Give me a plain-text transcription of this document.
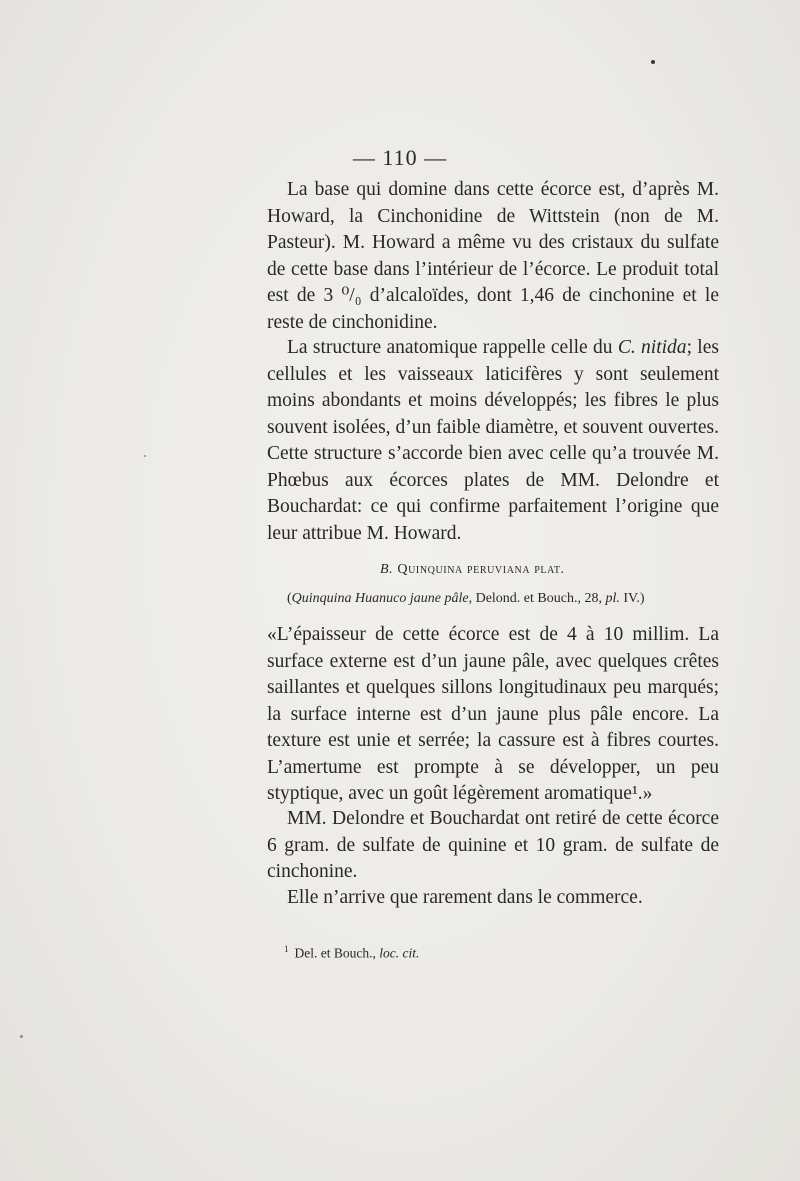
— 110 —
La base qui domine dans cette écorce est, d’après M. Howard, la Cinchonidine de Wittstein (non de M. Pasteur). M. Howard a même vu des cristaux du sulfate de cette base dans l’intérieur de l’écorce. Le produit total est de 3 ⁰/₀ d’alcaloïdes, dont 1,46 de cinchonine et le reste de cinchonidine.
La structure anatomique rappelle celle du C. nitida; les cellules et les vaisseaux laticifères y sont seulement moins abondants et moins développés; les fibres le plus souvent isolées, d’un faible diamètre, et souvent ouvertes. Cette structure s’accorde bien avec celle qu’a trouvée M. Phœbus aux écorces plates de MM. Delondre et Bouchardat: ce qui confirme parfaitement l’origine que leur attribue M. Howard.
B. Quinquina peruviana plat.
(Quinquina Huanuco jaune pâle, Delond. et Bouch., 28, pl. IV.)
«L’épaisseur de cette écorce est de 4 à 10 millim. La surface externe est d’un jaune pâle, avec quelques crêtes saillantes et quelques sillons longitudinaux peu marqués; la surface interne est d’un jaune plus pâle encore. La texture est unie et serrée; la cassure est à fibres courtes. L’amertume est prompte à se développer, un peu styptique, avec un goût légèrement aromatique¹.»
MM. Delondre et Bouchardat ont retiré de cette écorce 6 gram. de sulfate de quinine et 10 gram. de sulfate de cinchonine.
Elle n’arrive que rarement dans le commerce.
$^1$ Del. et Bouch., loc. cit.
